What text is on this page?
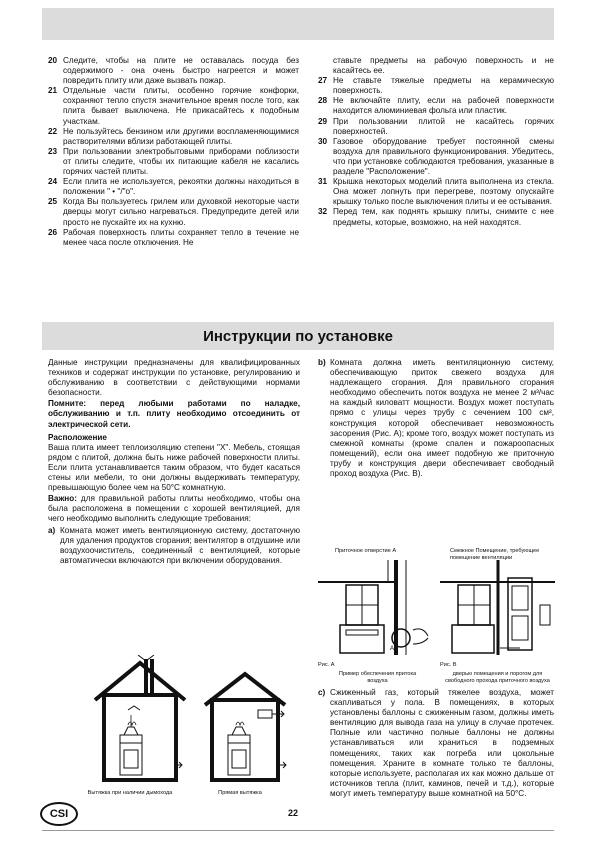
20 Следите, чтобы на плите не оставалась посуда без содержимого - она очень быстро нагреется и может повредить плиту или даже вызвать пожар.
21 Отдельные части плиты, особенно горячие конфорки, сохраняют тепло спустя значительное время после того, как плита бывает выключена. Не прикасайтесь к подобным участкам.
22 Не пользуйтесь бензином или другими воспламеняющимися растворителями вблизи работающей плиты.
23 При пользовании электробытовыми приборами поблизости от плиты следите, чтобы их питающие кабеля не касались горячих частей плиты.
24 Если плита не используется, рекоятки должны находиться в положении " • "/"o".
25 Когда Вы пользуетесь грилем или духовкой некоторые части дверцы могут сильно нагреваться. Предупредите детей или просто не пускайте их на кухню.
26 Рабочая поверхность плиты сохраняет тепло в течение не менее часа после отключения. Не
ставьте предметы на рабочую поверхность и не касайтесь ее.
27 Не ставьте тяжелые предметы на керамическую поверхность.
28 Не включайте плиту, если на рабочей поверхности находится алюминиевая фольга или пластик.
29 При пользовании плитой не касайтесь горячих поверхностей.
30 Газовое оборудование требует постоянной смены воздуха для правильного функционирования. Убедитесь, что при установке соблюдаются требования, указанные в разделе "Расположение".
31 Крышка некоторых моделий плита выполнена из стекла. Она может лопнуть при перегреве, поэтому опускайте крышку только после выключения плиты и ее остывания.
32 Перед тем, как поднять крышку плиты, снимите с нее предметы, которые, возможно, на ней находятся.
Инструкции по установке

Данные инструкции предназначены для квалифицированных техников и содержат инструкции по установке, регулированию и обслуживанию в соответствии с действующими нормами безопасности.

Помните: перед любыми работами по наладке, обслуживанию и т.п. плиту необходимо отсоединить от электрической сети.

Расположение

Ваша плита имеет теплоизоляцию степени "X". Мебель, стоящая рядом с плитой, должна быть ниже рабочей поверхности плиты. Если плита устанавливается таким образом, что будет касаться стены или мебели, то они должны выдерживать температуру, превышающую более чем на 50°C комнатную.

Важно: для правильной работы плиты необходимо, чтобы она была расположена в помещении с хорошей вентиляцией, для чего необходимо выполнить следующие требования:

a) Комната может иметь вентиляционную систему, достаточную для удаления продуктов сгорания; вентилятор в отдушине или воздухоочиститель, соединенный с вентиляцией, которые автоматически включаются при включении оборудования.
Вытяжка при наличии дымохода	Прямая вытяжка
b) Комната должна иметь вентиляционную систему, обеспечивающую приток свежего воздуха для надлежащего сгорания. Для правильного сгорания необходимо обеспечить поток воздуха не менее 2 м³/час на каждый киловатт мощности. Воздух может поступать прямо с улицы через трубу с сечением 100 см², конструкция которой обеспечивает невозможность засорения (Рис. A); кроме того, воздух может поступать из смежной комнаты (кроме спален и пожароопасных помещений), если она имеет подобную же приточную трубу и конструкция двери обеспечивает свободный проход воздуха (Рис. B).
Приточное отверстие A	Смежное Помещение, требующее помещение вентиляции
A
Рис. A	Рис. B
Пример обеспечения притока воздуха
дверью помещения и порогом для свободного прохода приточного воздуха
c) Сжиженный газ, который тяжелее воздуха, может скапливаться у пола. В помещениях, в которых установлены баллоны с сжиженным газом, должны иметь вентиляцию для вывода газа на улицу в случае протечек. Полные или частично полные баллоны не должны устанавливаться или храниться в подземных помещениях, таких как погреба или цокольные помещения. Храните в комнате только те баллоны, которые используете, располагая их как можно дальше от источников тепла (плит, каминов, печей и т.д.), которые могут иметь температуру выше комнатной на 50°C.
CSI	22
